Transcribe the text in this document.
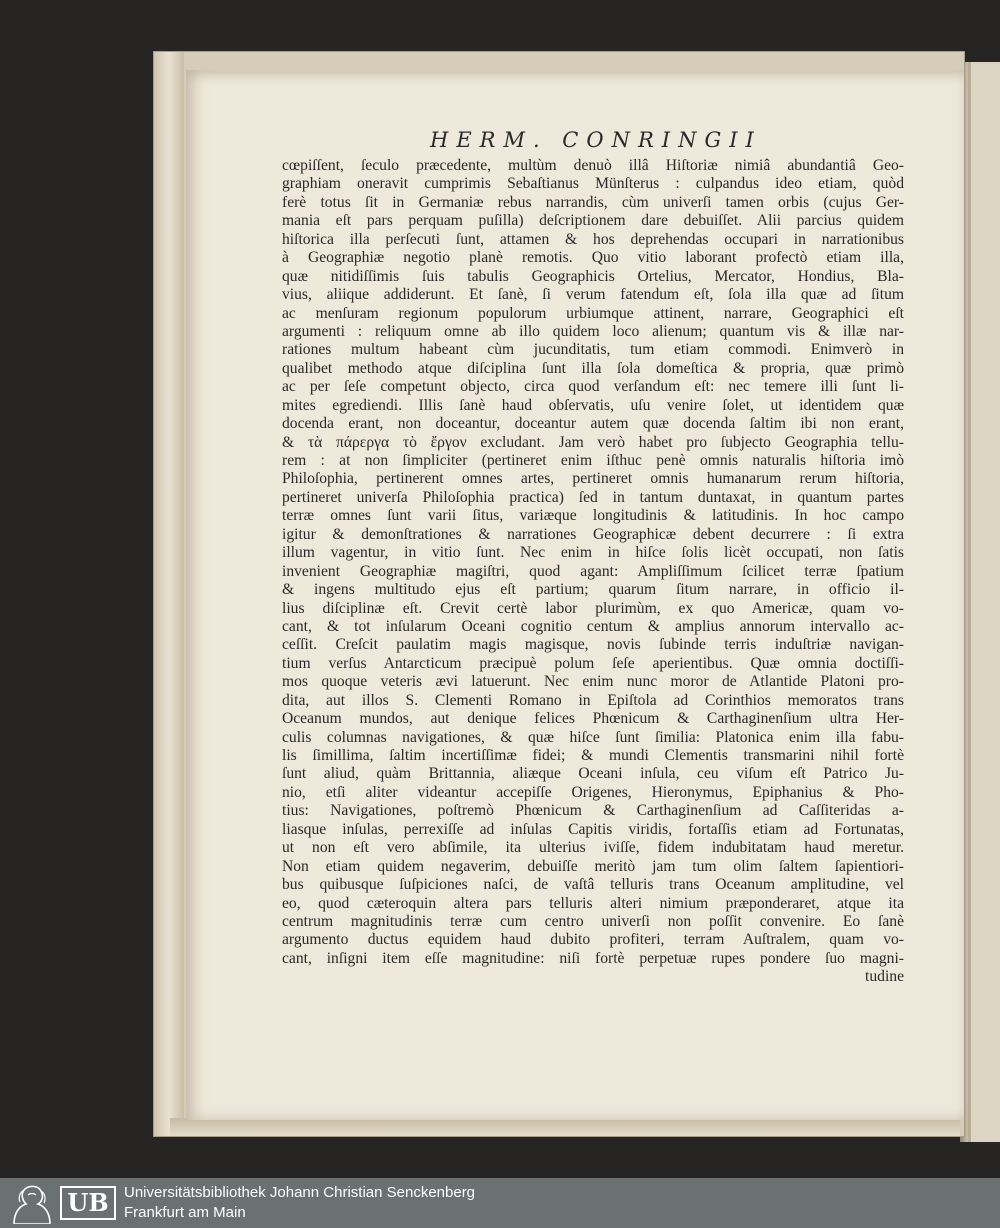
HERM. CONRINGII
cœpiſſent, ſeculo præcedente, multùm denuò illâ Hiſtoriæ nimiâ abundantiâ Geo-
graphiam oneravit cumprimis Sebaſtianus Münſterus : culpandus ideo etiam, quòd
ferè totus ſit in Germaniæ rebus narrandis, cùm univerſi tamen orbis (cujus Ger-
mania eſt pars perquam puſilla) deſcriptionem dare debuiſſet. Alii parcius quidem
hiſtorica illa perſecuti ſunt, attamen & hos deprehendas occupari in narrationibus
à Geographiæ negotio planè remotis. Quo vitio laborant profectò etiam illa,
quæ nitidiſſimis ſuis tabulis Geographicis Ortelius, Mercator, Hondius, Bla-
vius, aliique addiderunt. Et ſanè, ſi verum fatendum eſt, ſola illa quæ ad ſitum
ac menſuram regionum populorum urbiumque attinent, narrare, Geographici eſt
argumenti : reliquum omne ab illo quidem loco alienum; quantum vis & illæ nar-
rationes multum habeant cùm jucunditatis, tum etiam commodi. Enimverò in
qualibet methodo atque diſciplina ſunt illa ſola domeſtica & propria, quæ primò
ac per ſeſe competunt objecto, circa quod verſandum eſt: nec temere illi ſunt li-
mites egrediendi. Illis ſanè haud obſervatis, uſu venire ſolet, ut identidem quæ
docenda erant, non doceantur, doceantur autem quæ docenda ſaltim ibi non erant,
& τὰ πάρεργα τὸ ἔργον excludant. Jam verò habet pro ſubjecto Geographia tellu-
rem : at non ſimpliciter (pertineret enim iſthuc penè omnis naturalis hiſtoria imò
Philoſophia, pertinerent omnes artes, pertineret omnis humanarum rerum hiſtoria,
pertineret univerſa Philoſophia practica) ſed in tantum duntaxat, in quantum partes
terræ omnes ſunt varii ſitus, variæque longitudinis & latitudinis. In hoc campo
igitur & demonſtrationes & narrationes Geographicæ debent decurrere : ſi extra
illum vagentur, in vitio ſunt. Nec enim in hiſce ſolis licèt occupati, non ſatis
invenient Geographiæ magiſtri, quod agant: Ampliſſimum ſcilicet terræ ſpatium
& ingens multitudo ejus eſt partium; quarum ſitum narrare, in officio il-
lius diſciplinæ eſt. Crevit certè labor plurimùm, ex quo Americæ, quam vo-
cant, & tot inſularum Oceani cognitio centum & amplius annorum intervallo ac-
ceſſit. Creſcit paulatim magis magisque, novis ſubinde terris induſtriæ navigan-
tium verſus Antarcticum præcipuè polum ſeſe aperientibus. Quæ omnia doctiſſi-
mos quoque veteris ævi latuerunt. Nec enim nunc moror de Atlantide Platoni pro-
dita, aut illos S. Clementi Romano in Epiſtola ad Corinthios memoratos trans
Oceanum mundos, aut denique felices Phœnicum & Carthaginenſium ultra Her-
culis columnas navigationes, & quæ hiſce ſunt ſimilia: Platonica enim illa fabu-
lis ſimillima, ſaltim incertiſſimæ fidei; & mundi Clementis transmarini nihil fortè
ſunt aliud, quàm Brittannia, aliæque Oceani inſula, ceu viſum eſt Patrico Ju-
nio, etſi aliter videantur accepiſſe Origenes, Hieronymus, Epiphanius & Pho-
tius: Navigationes, poſtremò Phœnicum & Carthaginenſium ad Caſſiteridas a-
liasque inſulas, perrexiſſe ad inſulas Capitis viridis, fortaſſis etiam ad Fortunatas,
ut non eſt vero abſimile, ita ulterius iviſſe, fidem indubitatam haud meretur.
Non etiam quidem negaverim, debuiſſe meritò jam tum olim ſaltem ſapientiori-
bus quibusque ſuſpiciones naſci, de vaſtâ telluris trans Oceanum amplitudine, vel
eo, quod cæteroquin altera pars telluris alteri nimium præponderaret, atque ita
centrum magnitudinis terræ cum centro univerſi non poſſit convenire. Eo ſanè
argumento ductus equidem haud dubito profiteri, terram Auſtralem, quam vo-
cant, inſigni item eſſe magnitudine: niſi fortè perpetuæ rupes pondere ſuo magni-
tudine
UB	Universitätsbibliothek Johann Christian Senckenberg
Frankfurt am Main
